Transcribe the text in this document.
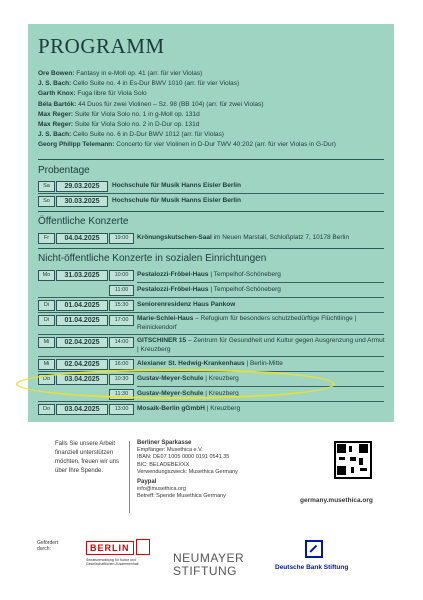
PROGRAMM
Ore Bowen: Fantasy in e-Moll op. 41 (arr. für vier Violas)
J. S. Bach: Cello Suite no. 4 in Es-Dur BWV 1010 (arr. für vier Violas)
Garth Knox: Fuga libre für Viola Solo
Béla Bartók: 44 Duos für zwei Violinen – Sz. 98 (BB 104) (arr. für zwei Violas)
Max Reger: Suite für Viola Solo no. 1 in g-Moll op. 131d
Max Reger: Suite für Viola Solo no. 2 in D-Dur op. 131d
J. S. Bach: Cello Suite no. 6 in D-Dur BWV 1012 (arr. für Violas)
Georg Philipp Telemann: Concerto für vier Violinen in D-Dur TWV 40:202 (arr. für vier Violas in G-Dur)
Probentage
Sa	29.03.2025	Hochschule für Musik Hanns Eisler Berlin
So	30.03.2025	Hochschule für Musik Hanns Eisler Berlin
Öffentliche Konzerte
Fr	04.04.2025	19:00	Krönungskutschen-Saal im Neuen Marstall, Schloßplatz 7, 10178 Berlin
Nicht-öffentliche Konzerte in sozialen Einrichtungen
Mo	31.03.2025	10:00	Pestalozzi-Fröbel-Haus | Tempelhof-Schöneberg
11:00	Pestalozzi-Fröbel-Haus | Tempelhof-Schöneberg
Di	01.04.2025	15:30	Seniorenresidenz Haus Pankow
Di	01.04.2025	17:00	Marie-Schlei-Haus – Refugium für besonders schutzbedürftige Flüchtlinge | Reinickendorf
Mi	02.04.2025	14:00	GITSCHINER 15 – Zentrum für Gesundheit und Kultur gegen Ausgrenzung und Armut | Kreuzberg
Mi	02.04.2025	16:00	Alexianer St. Hedwig-Krankenhaus | Berlin-Mitte
Do	03.04.2025	10:30	Gustav-Meyer-Schule | Kreuzberg
11:30	Gustav-Meyer-Schule | Kreuzberg
Do	03.04.2025	13:00	Mosaik-Berlin gGmbH | Kreuzberg
Falls Sie unsere Arbeit finanziell unterstützen möchten, freuen wir uns über Ihre Spende.
Berliner Sparkasse
Empfänger: Musethica e.V.
IBAN: DE07 1005 0000 0191 0541 35
BIC: BELADEBEXXX
Verwendungszweck: Musethica Germany
Paypal
info@musethica.org
Betreff: Spende Musethica Germany
germany.musethica.org
Gefördert durch:	BERLIN
Senatsverwaltung für Kultur und Gesellschaftlichen Zusammenhalt	NEUMAYER
STIFTUNG	Deutsche Bank Stiftung
